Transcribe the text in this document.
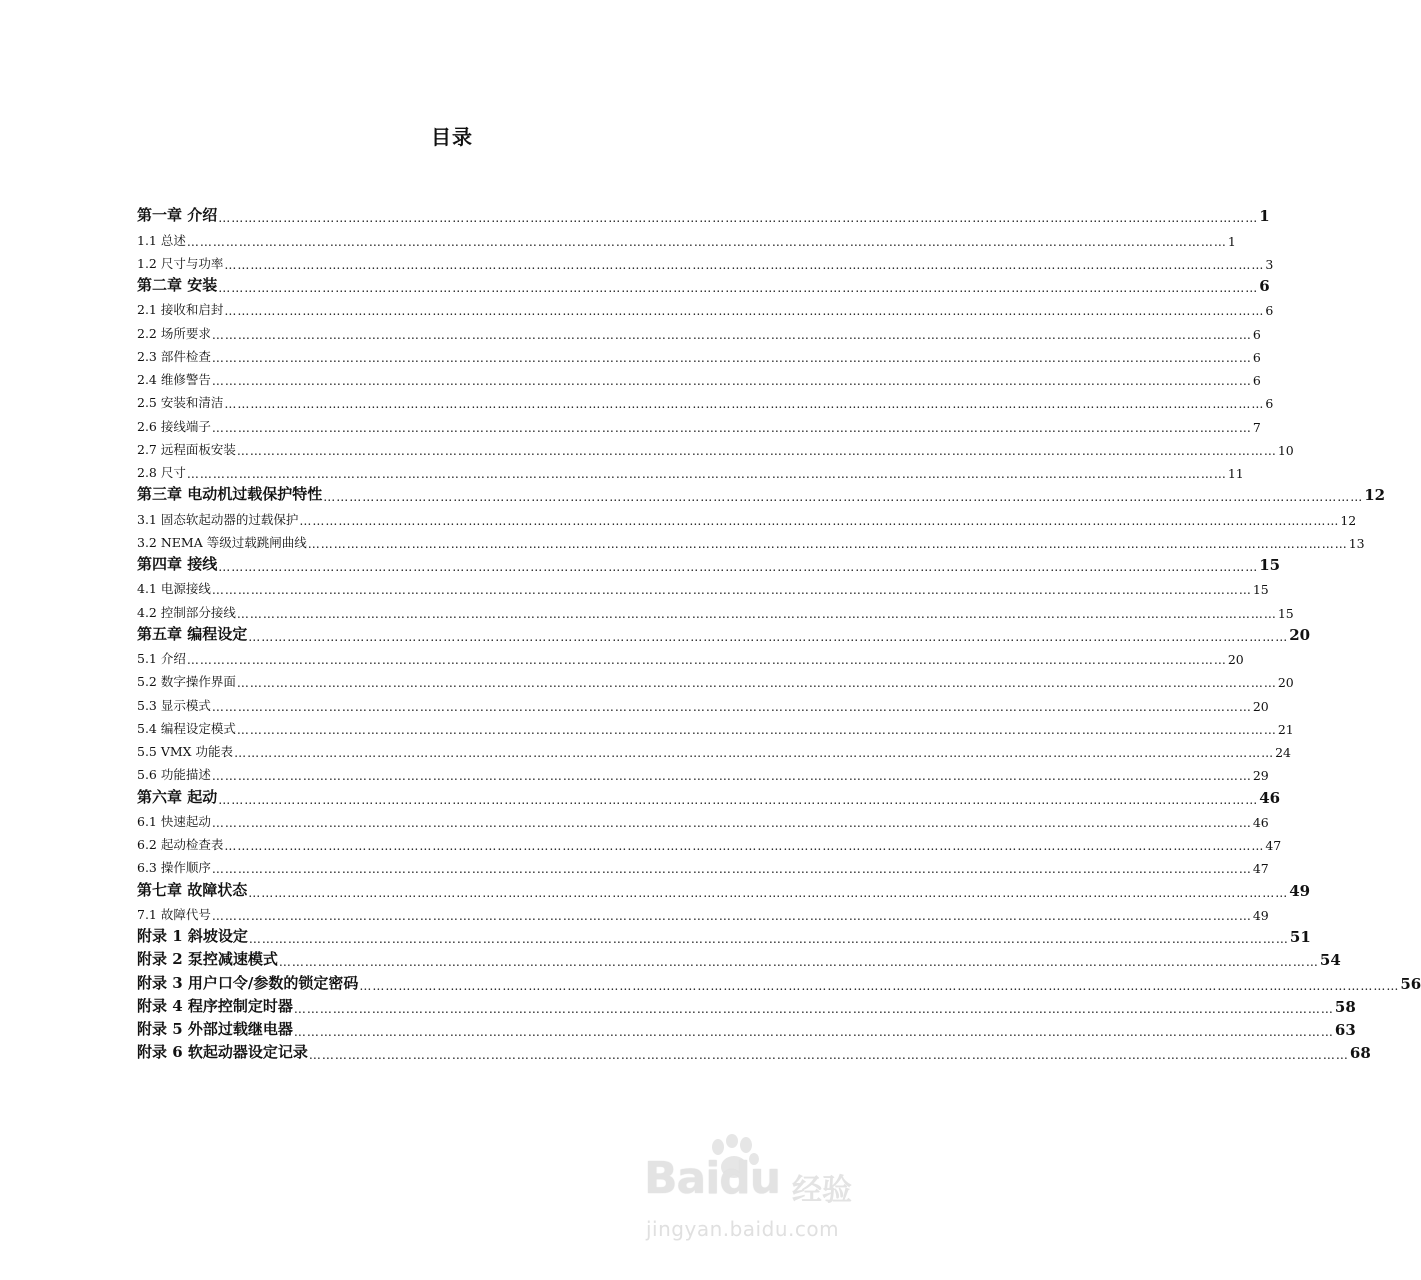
目录
第一章 介绍 …………………………………………………………………………………………………………………………………………………………………………………………………………………… 1
1.1 总述 …………………………………………………………………………………………………………………………………………………………………………………………………………………… 1
1.2 尺寸与功率 …………………………………………………………………………………………………………………………………………………………………………………………………………………… 3
第二章 安装 …………………………………………………………………………………………………………………………………………………………………………………………………………………… 6
2.1 接收和启封 …………………………………………………………………………………………………………………………………………………………………………………………………………………… 6
2.2 场所要求 …………………………………………………………………………………………………………………………………………………………………………………………………………………… 6
2.3 部件检查 …………………………………………………………………………………………………………………………………………………………………………………………………………………… 6
2.4 维修警告 …………………………………………………………………………………………………………………………………………………………………………………………………………………… 6
2.5 安装和清洁 …………………………………………………………………………………………………………………………………………………………………………………………………………………… 6
2.6 接线端子 …………………………………………………………………………………………………………………………………………………………………………………………………………………… 7
2.7 远程面板安装 …………………………………………………………………………………………………………………………………………………………………………………………………………………… 10
2.8 尺寸 …………………………………………………………………………………………………………………………………………………………………………………………………………………… 11
第三章 电动机过载保护特性 …………………………………………………………………………………………………………………………………………………………………………………………………………………… 12
3.1 固态软起动器的过载保护 …………………………………………………………………………………………………………………………………………………………………………………………………………………… 12
3.2 NEMA 等级过载跳闸曲线 …………………………………………………………………………………………………………………………………………………………………………………………………………………… 13
第四章 接线 …………………………………………………………………………………………………………………………………………………………………………………………………………………… 15
4.1 电源接线 …………………………………………………………………………………………………………………………………………………………………………………………………………………… 15
4.2 控制部分接线 …………………………………………………………………………………………………………………………………………………………………………………………………………………… 15
第五章 编程设定 …………………………………………………………………………………………………………………………………………………………………………………………………………………… 20
5.1 介绍 …………………………………………………………………………………………………………………………………………………………………………………………………………………… 20
5.2 数字操作界面 …………………………………………………………………………………………………………………………………………………………………………………………………………………… 20
5.3 显示模式 …………………………………………………………………………………………………………………………………………………………………………………………………………………… 20
5.4 编程设定模式 …………………………………………………………………………………………………………………………………………………………………………………………………………………… 21
5.5 VMX 功能表 …………………………………………………………………………………………………………………………………………………………………………………………………………………… 24
5.6 功能描述 …………………………………………………………………………………………………………………………………………………………………………………………………………………… 29
第六章 起动 …………………………………………………………………………………………………………………………………………………………………………………………………………………… 46
6.1 快速起动 …………………………………………………………………………………………………………………………………………………………………………………………………………………… 46
6.2 起动检查表 …………………………………………………………………………………………………………………………………………………………………………………………………………………… 47
6.3 操作顺序 …………………………………………………………………………………………………………………………………………………………………………………………………………………… 47
第七章 故障状态 …………………………………………………………………………………………………………………………………………………………………………………………………………………… 49
7.1 故障代号 …………………………………………………………………………………………………………………………………………………………………………………………………………………… 49
附录 1 斜坡设定 …………………………………………………………………………………………………………………………………………………………………………………………………………………… 51
附录 2 泵控减速模式 …………………………………………………………………………………………………………………………………………………………………………………………………………………… 54
附录 3 用户口令/参数的锁定密码 …………………………………………………………………………………………………………………………………………………………………………………………………………………… 56
附录 4 程序控制定时器 …………………………………………………………………………………………………………………………………………………………………………………………………………………… 58
附录 5 外部过载继电器 …………………………………………………………………………………………………………………………………………………………………………………………………………………… 63
附录 6 软起动器设定记录 …………………………………………………………………………………………………………………………………………………………………………………………………………………… 68
Baidu 经验
jingyan.baidu.com
